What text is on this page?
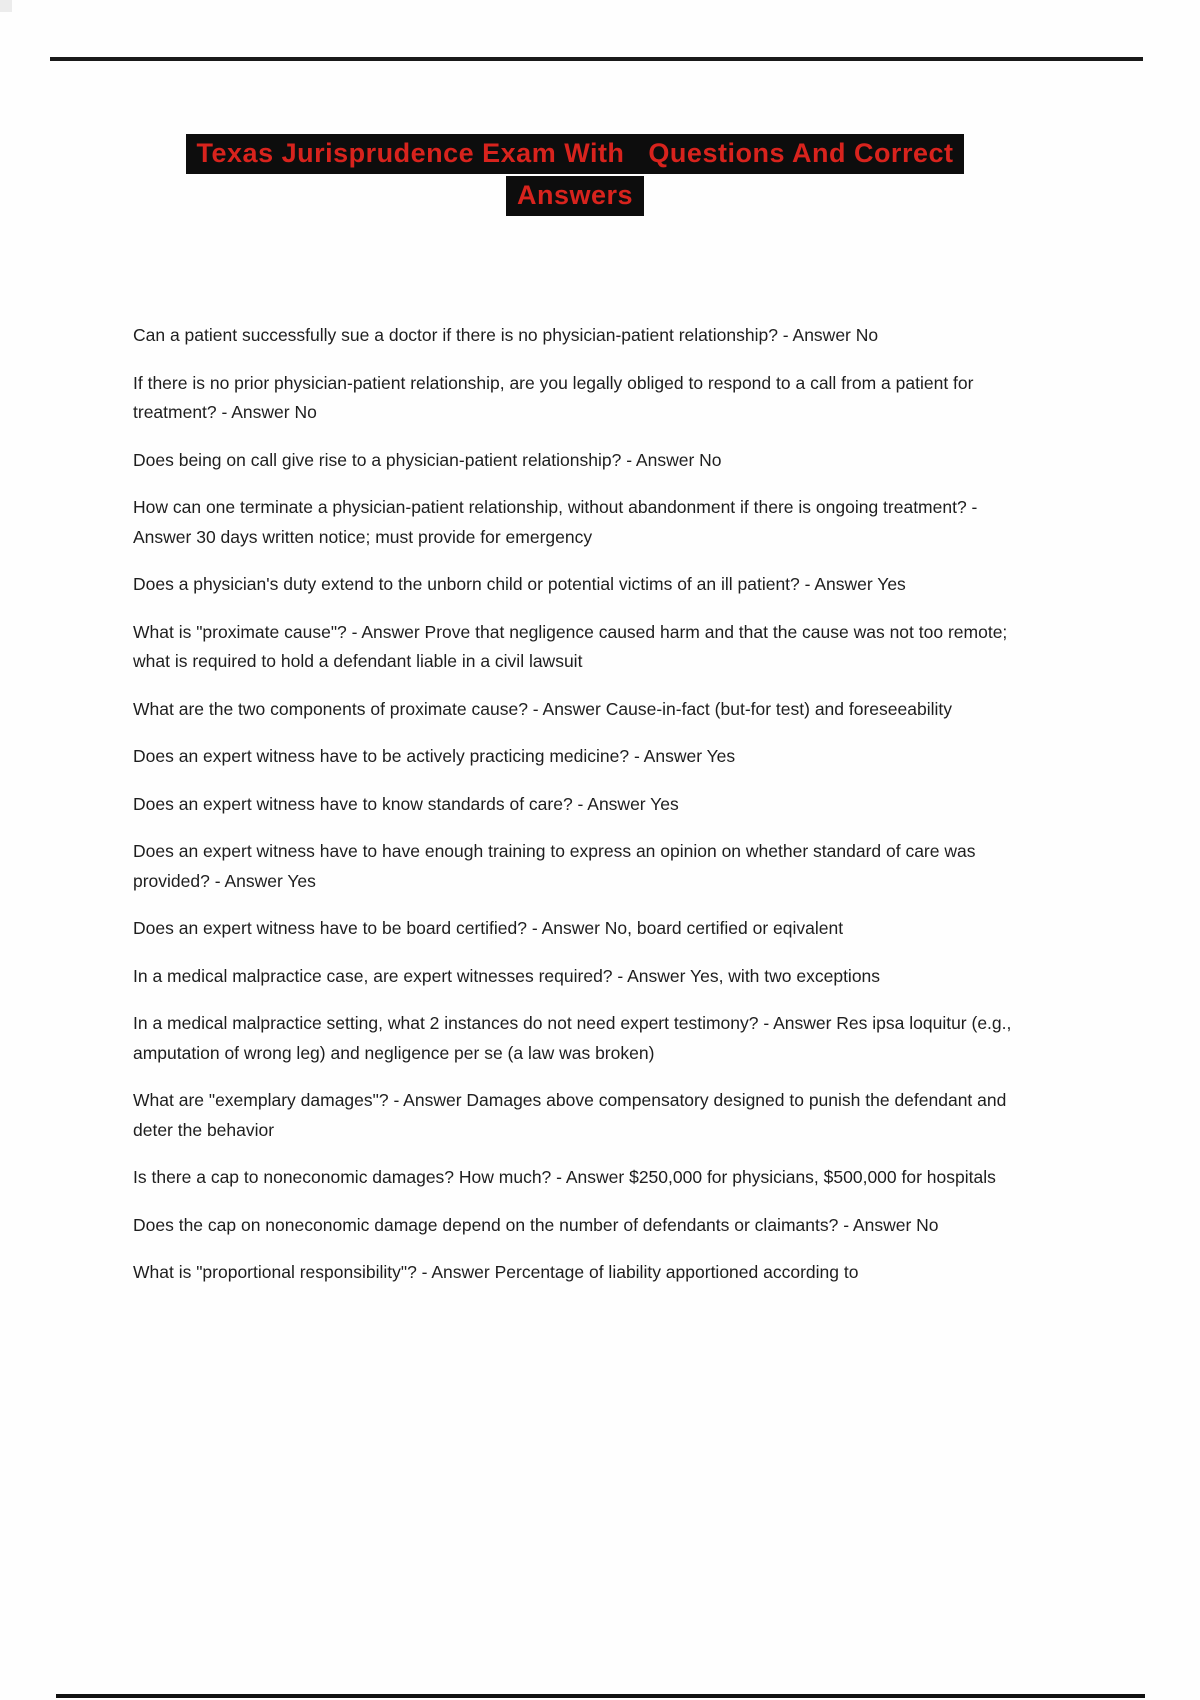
Texas Jurisprudence Exam With   Questions And Correct
Answers

Can a patient successfully sue a doctor if there is no physician-patient relationship? - Answer No

If there is no prior physician-patient relationship, are you legally obliged to respond to a call from a patient for treatment? - Answer No

Does being on call give rise to a physician-patient relationship? - Answer No

How can one terminate a physician-patient relationship, without abandonment if there is ongoing treatment? - Answer 30 days written notice; must provide for emergency

Does a physician's duty extend to the unborn child or potential victims of an ill patient? - Answer Yes

What is "proximate cause"? - Answer Prove that negligence caused harm and that the cause was not too remote; what is required to hold a defendant liable in a civil lawsuit

What are the two components of proximate cause? - Answer Cause-in-fact (but-for test) and foreseeability

Does an expert witness have to be actively practicing medicine? - Answer Yes

Does an expert witness have to know standards of care? - Answer Yes

Does an expert witness have to have enough training to express an opinion on whether standard of care was provided? - Answer Yes

Does an expert witness have to be board certified? - Answer No, board certified or eqivalent

In a medical malpractice case, are expert witnesses required? - Answer Yes, with two exceptions

In a medical malpractice setting, what 2 instances do not need expert testimony? - Answer Res ipsa loquitur (e.g., amputation of wrong leg) and negligence per se (a law was broken)

What are "exemplary damages"? - Answer Damages above compensatory designed to punish the defendant and deter the behavior

Is there a cap to noneconomic damages? How much? - Answer $250,000 for physicians, $500,000 for hospitals

Does the cap on noneconomic damage depend on the number of defendants or claimants? - Answer No

What is "proportional responsibility"? - Answer Percentage of liability apportioned according to
